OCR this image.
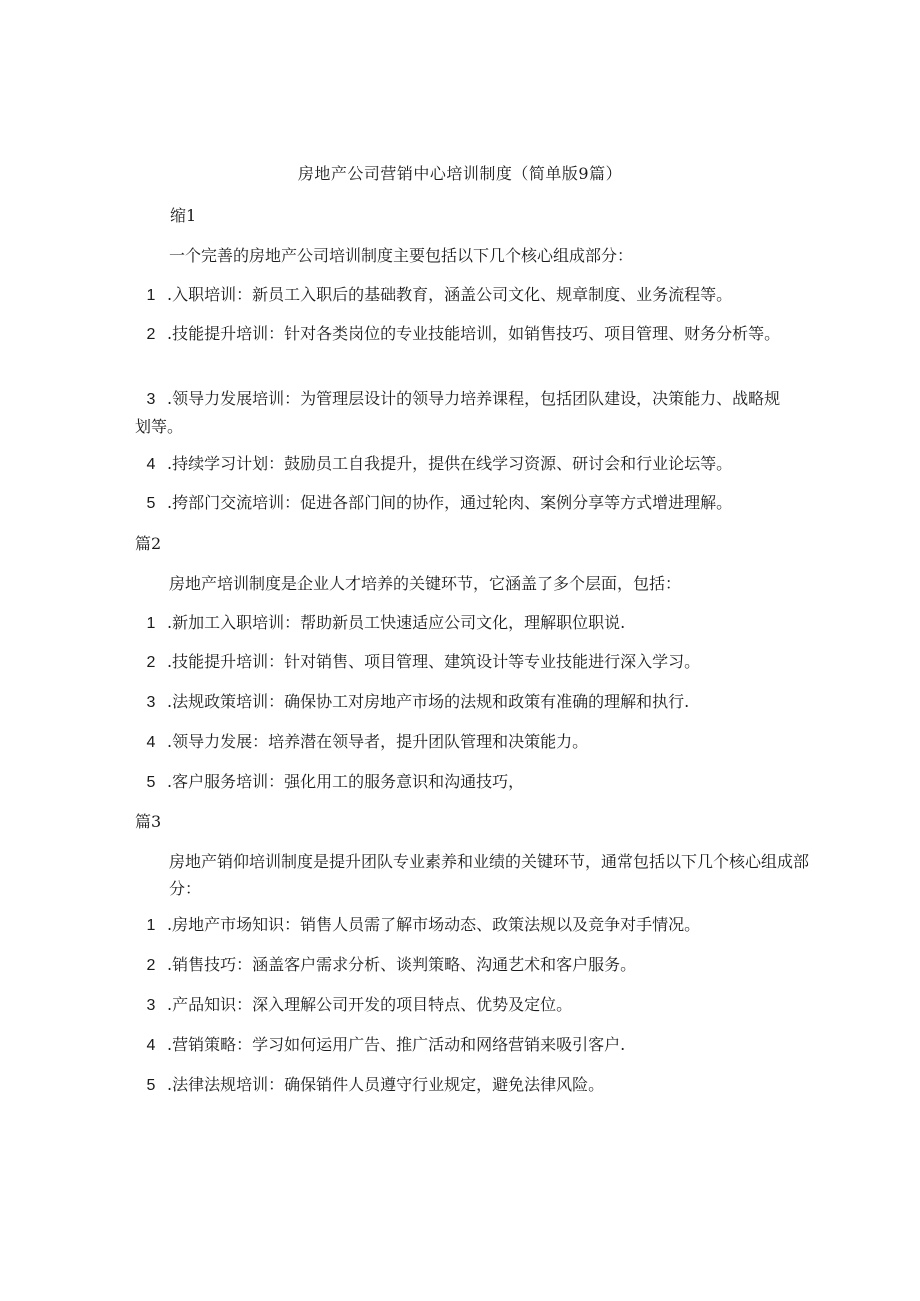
房地产公司营销中心培训制度（简单版9篇）
缩1
一个完善的房地产公司培训制度主要包括以下几个核心组成部分：
1 .入职培训：新员工入职后的基础教育，涵盖公司文化、规章制度、业务流程等。
2 .技能提升培训：针对各类岗位的专业技能培训，如销售技巧、项目管理、财务分析等。
3 .领导力发展培训：为管理层设计的领导力培养课程，包括团队建设，决策能力、战略规划等。
4 .持续学习计划：鼓励员工自我提升，提供在线学习资源、研讨会和行业论坛等。
5 .挎部门交流培训：促进各部门间的协作，通过轮肉、案例分享等方式增进理解。
篇2
房地产培训制度是企业人才培养的关键环节，它涵盖了多个层面，包括：
1 .新加工入职培训：帮助新员工快速适应公司文化，理解职位职说.
2 .技能提升培训：针对销售、项目管理、建筑设计等专业技能进行深入学习。
3 .法规政策培训：确保协工对房地产市场的法规和政策有准确的理解和执行.
4 .领导力发展：培养潜在领导者，提升团队管理和决策能力。
5 .客户服务培训：强化用工的服务意识和沟通技巧，
篇3
房地产销仰培训制度是提升团队专业素养和业绩的关键环节，通常包括以下几个核心组成部分：
1 .房地产市场知识：销售人员需了解市场动态、政策法规以及竞争对手情况。
2 .销售技巧：涵盖客户需求分析、谈判策略、沟通艺术和客户服务。
3 .产品知识：深入理解公司开发的项目特点、优势及定位。
4 .营销策略：学习如何运用广告、推广活动和网络营销来吸引客户.
5 .法律法规培训：确保销件人员遵守行业规定，避免法律风险。
